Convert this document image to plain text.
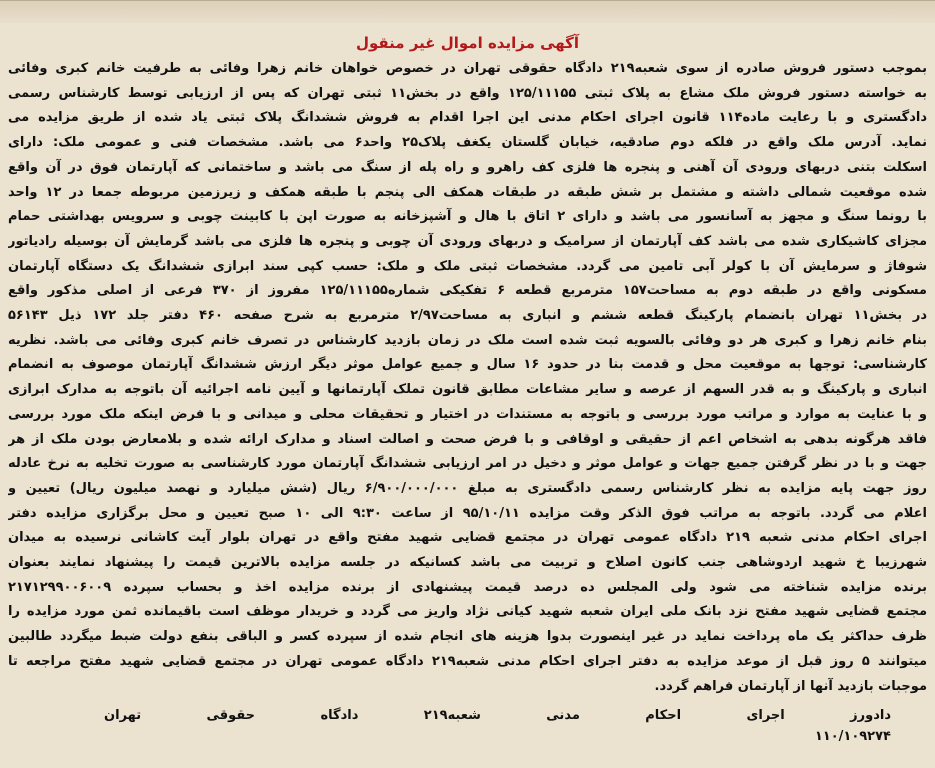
آگهی مزایده اموال غیر منقول
بموجب دستور فروش صادره از سوی شعبه۲۱۹ دادگاه حقوقی تهران در خصوص خواهان خانم زهرا وفائی به طرفیت خانم کبری وفائی
به خواسته دستور فروش ملک مشاع به پلاک ثبتی ۱۲۵/۱۱۱۵۵ واقع در بخش۱۱ ثبتی تهران که پس از ارزیابی توسط کارشناس رسمی
دادگستری و با رعایت ماده۱۱۴ قانون اجرای احکام مدنی این اجرا اقدام به فروش ششدانگ پلاک ثبتی یاد شده از طریق مزایده می
نماید. آدرس ملک واقع در فلکه دوم صادقیه، خیابان گلستان یکغف پلاک۲۵ واحد۶ می باشد. مشخصات فنی و عمومی ملک: دارای
اسکلت بتنی دربهای ورودی آن آهنی و پنجره ها فلزی کف راهرو و راه پله از سنگ می باشد و ساختمانی که آپارتمان فوق در آن واقع
شده موقعیت شمالی داشته و مشتمل بر شش طبقه در طبقات همکف الی پنجم با طبقه همکف و زیرزمین مربوطه جمعا در ۱۲ واحد
با رونما سنگ و مجهز به آسانسور می باشد و دارای ۲ اتاق با هال و آشپزخانه به صورت اپن با کابینت چوبی و سرویس بهداشتی حمام
مجزای کاشیکاری شده می باشد کف آپارتمان از سرامیک و دربهای ورودی آن چوبی و پنجره ها فلزی می باشد گرمایش آن بوسیله رادیاتور
شوفاژ و سرمایش آن با کولر آبی تامین می گردد. مشخصات ثبتی ملک و ملک: حسب کپی سند ابرازی ششدانگ یک دستگاه آپارتمان
مسکونی واقع در طبقه دوم به مساحت۱۵۷ مترمربع قطعه ۶ تفکیکی شماره۱۲۵/۱۱۱۵۵ مفروز از ۳۷۰ فرعی از اصلی مذکور واقع
در بخش۱۱ تهران بانضمام پارکینگ قطعه ششم و انباری به مساحت۲/۹۷ مترمربع به شرح صفحه ۴۶۰ دفتر جلد ۱۷۲ ذیل ۵۶۱۴۳
بنام خانم زهرا و کبری هر دو وفائی بالسویه ثبت شده است ملک در زمان بازدید کارشناس در تصرف خانم کبری وفائی می باشد. نظریه
کارشناسی: توجها به موقعیت محل و قدمت بنا در حدود ۱۶ سال و جمیع عوامل موثر دیگر ارزش ششدانگ آپارتمان موصوف به انضمام
انباری و پارکینگ و به قدر السهم از عرصه و سایر مشاعات مطابق قانون تملک آپارتمانها و آیین نامه اجرائیه آن باتوجه به مدارک ابرازی
و با عنایت به موارد و مراتب مورد بررسی و باتوجه به مستندات در اختیار و تحقیقات محلی و میدانی و با فرض اینکه ملک مورد بررسی
فاقد هرگونه بدهی به اشخاص اعم از حقیقی و اوقافی و با فرض صحت و اصالت اسناد و مدارک ارائه شده و بلامعارض بودن ملک از هر
جهت و با در نظر گرفتن جمیع جهات و عوامل موثر و دخیل در امر ارزیابی ششدانگ آپارتمان مورد کارشناسی به صورت تخلیه به نرخ عادله
روز جهت پایه مزایده به نظر کارشناس رسمی دادگستری به مبلغ ۶/۹۰۰/۰۰۰/۰۰۰ ریال (شش میلیارد و نهصد میلیون ریال) تعیین و
اعلام می گردد. باتوجه به مراتب فوق الذکر وقت مزایده ۹۵/۱۰/۱۱ از ساعت ۹:۳۰ الی ۱۰ صبح تعیین و محل برگزاری مزایده دفتر
اجرای احکام مدنی شعبه ۲۱۹ دادگاه عمومی تهران در مجتمع قضایی شهید مفتح واقع در تهران بلوار آیت کاشانی نرسیده به میدان
شهرزیبا خ شهید اردوشاهی جنب کانون اصلاح و تربیت می باشد کسانیکه در جلسه مزایده بالاترین قیمت را پیشنهاد نمایند بعنوان
برنده مزایده شناخته می شود ولی المجلس ده درصد قیمت پیشنهادی از برنده مزایده اخذ و بحساب سپرده ۲۱۷۱۲۹۹۰۰۶۰۰۹
مجتمع قضایی شهید مفتح نزد بانک ملی ایران شعبه شهید کیانی نژاد واریز می گردد و خریدار موظف است باقیمانده ثمن مورد مزایده را
ظرف حداکثر یک ماه پرداخت نماید در غیر اینصورت بدوا هزینه های انجام شده از سپرده کسر و الباقی بنفع دولت ضبط میگردد طالبین
میتوانند ۵ روز قبل از موعد مزایده به دفتر اجرای احکام مدنی شعبه۲۱۹ دادگاه عمومی تهران در مجتمع قضایی شهید مفتح مراجعه تا
موجبات بازدید آنها از آپارتمان فراهم گردد.
دادورز
اجرای
احکام
مدنی
شعبه۲۱۹
دادگاه
حقوقی
تهران
۱۱۰/۱۰۹۲۷۴
